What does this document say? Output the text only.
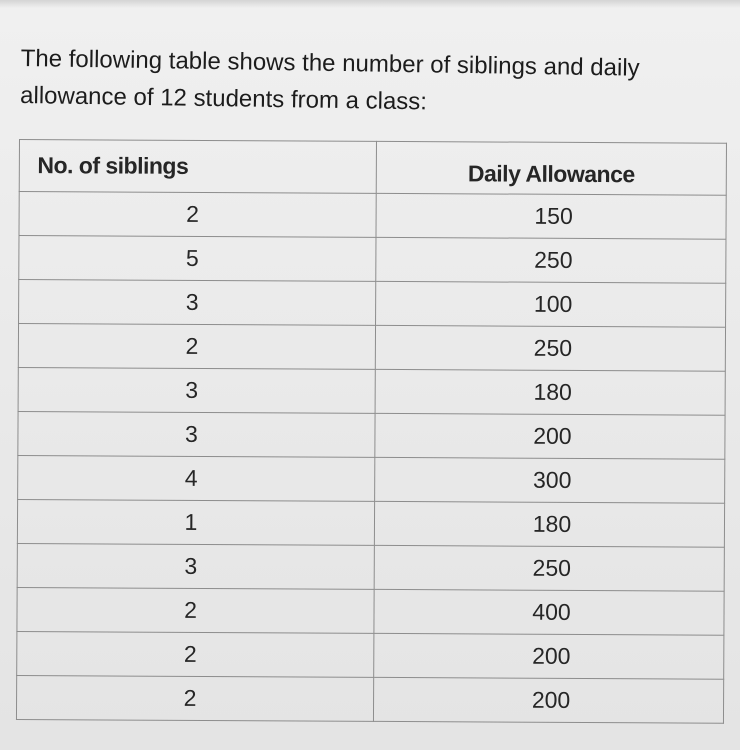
The following table shows the number of siblings and daily
allowance of 12 students from a class:

No. of siblings	Daily Allowance
2	150
5	250
3	100
2	250
3	180
3	200
4	300
1	180
3	250
2	400
2	200
2	200
